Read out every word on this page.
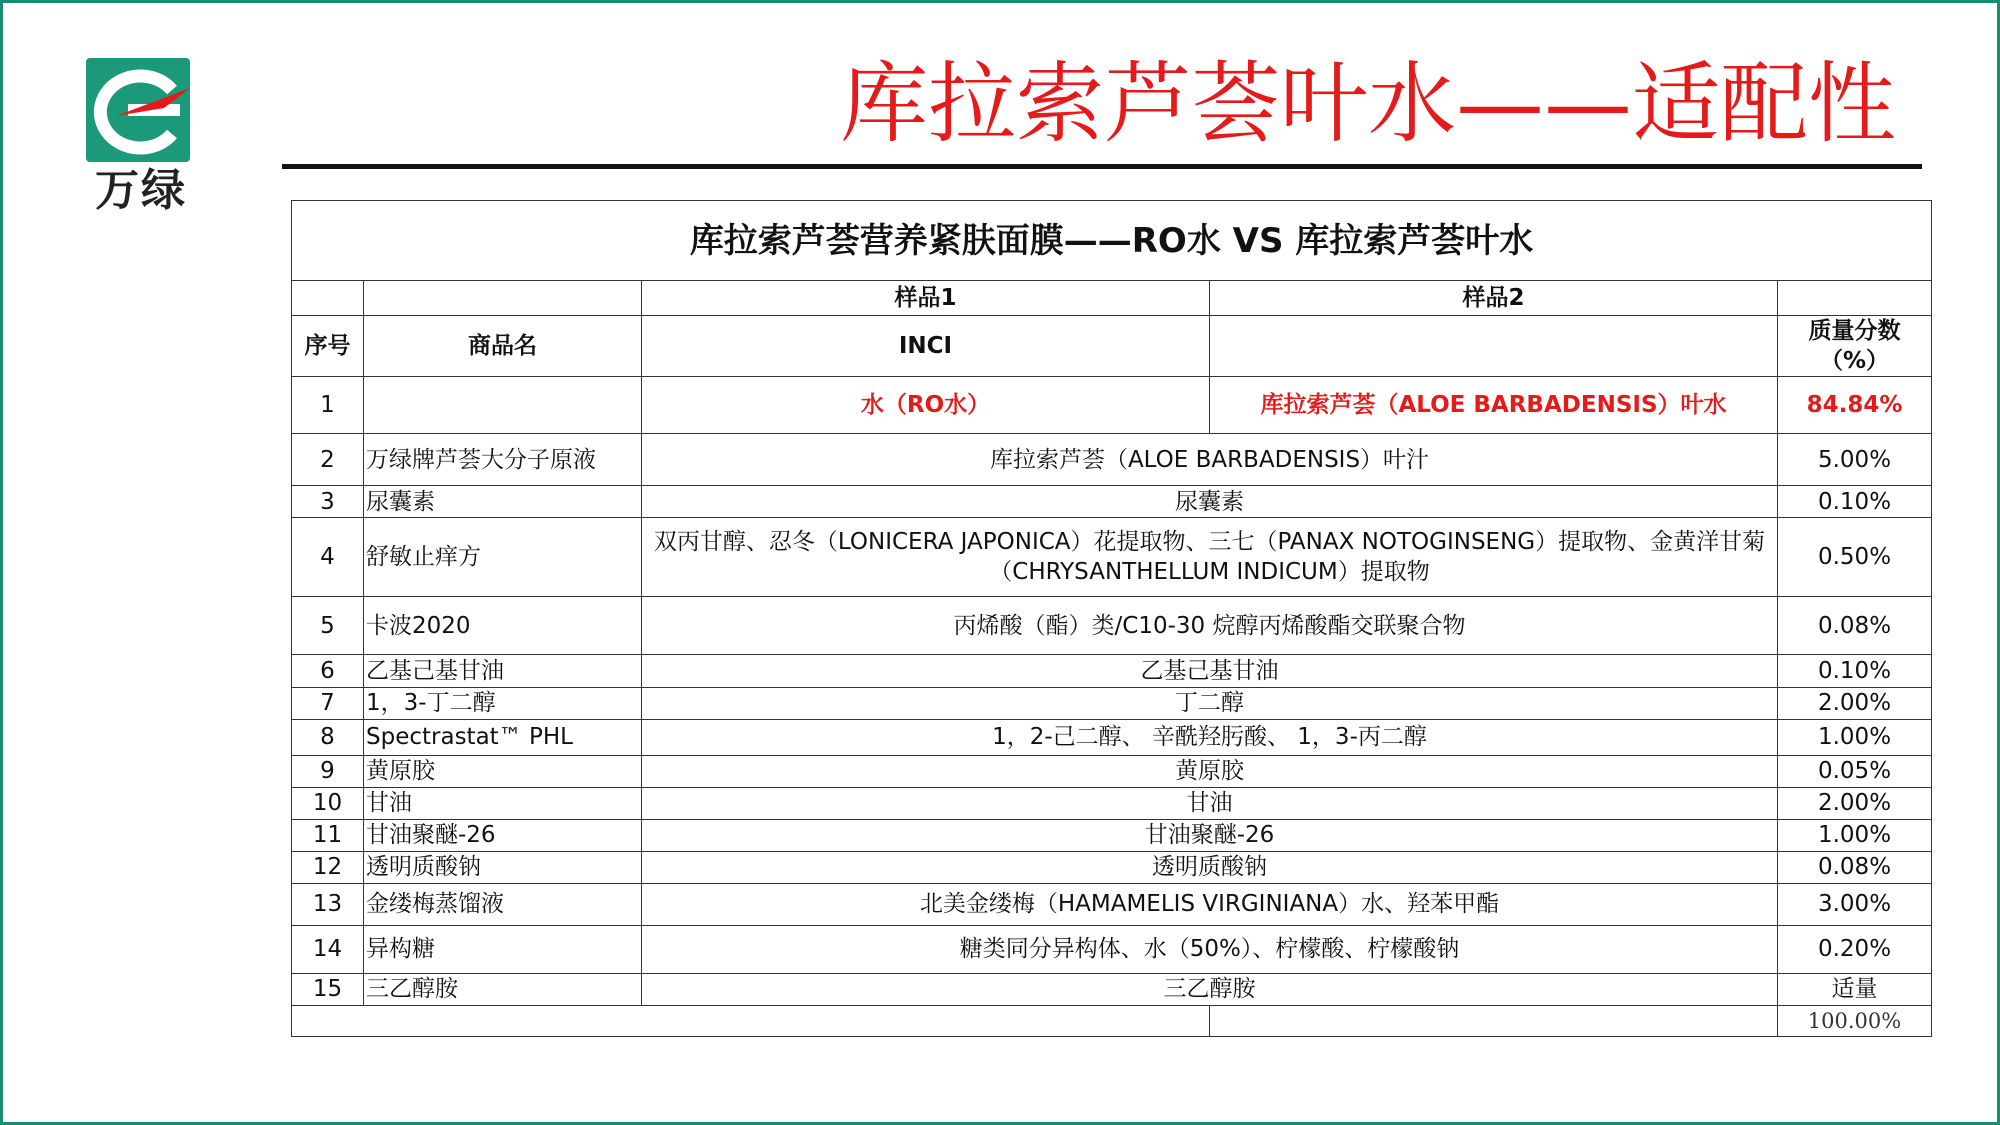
万绿
库拉索芦荟叶水——适配性
库拉索芦荟营养紧肤面膜——RO水 VS 库拉索芦荟叶水				
		样品1	样品2	
序号	商品名	INCI		质量分数（%）
1		水（RO水）	库拉索芦荟（ALOE BARBADENSIS）叶水	84.84%
2	万绿牌芦荟大分子原液	库拉索芦荟（ALOE BARBADENSIS）叶汁		5.00%
3	尿囊素	尿囊素		0.10%
4	舒敏止痒方	双丙甘醇、忍冬（LONICERA JAPONICA）花提取物、三七（PANAX NOTOGINSENG）提取物、金黄洋甘菊（CHRYSANTHELLUM INDICUM）提取物		0.50%
5	卡波2020	丙烯酸（酯）类/C10-30 烷醇丙烯酸酯交联聚合物		0.08%
6	乙基己基甘油	乙基己基甘油		0.10%
7	1，3-丁二醇	丁二醇		2.00%
8	Spectrastat™ PHL	1，2-己二醇、 辛酰羟肟酸、 1，3-丙二醇		1.00%
9	黄原胶	黄原胶		0.05%
10	甘油	甘油		2.00%
11	甘油聚醚-26	甘油聚醚-26		1.00%
12	透明质酸钠	透明质酸钠		0.08%
13	金缕梅蒸馏液	北美金缕梅（HAMAMELIS VIRGINIANA）水、羟苯甲酯		3.00%
14	异构糖	糖类同分异构体、水（50%）、柠檬酸、柠檬酸钠		0.20%
15	三乙醇胺	三乙醇胺		适量
				100.00%
